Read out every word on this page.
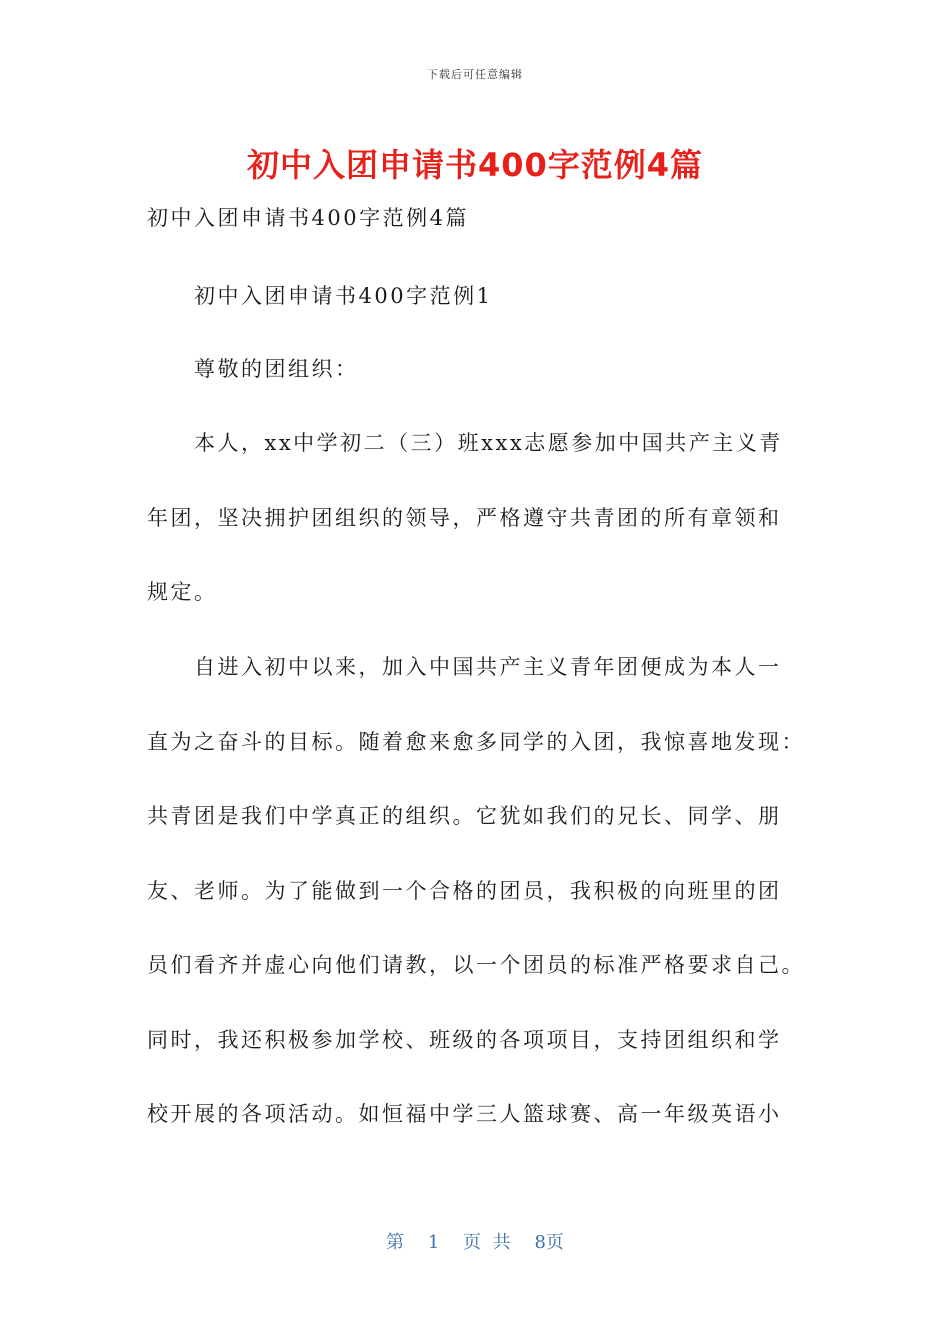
下载后可任意编辑
初中入团申请书400字范例4篇
初中入团申请书400字范例4篇
初中入团申请书400字范例1
尊敬的团组织：
本人，xx中学初二（三）班xxx志愿参加中国共产主义青
年团，坚决拥护团组织的领导，严格遵守共青团的所有章领和
规定。
自进入初中以来，加入中国共产主义青年团便成为本人一
直为之奋斗的目标。随着愈来愈多同学的入团，我惊喜地发现：
共青团是我们中学真正的组织。它犹如我们的兄长、同学、朋
友、老师。为了能做到一个合格的团员，我积极的向班里的团
员们看齐并虚心向他们请教，以一个团员的标准严格要求自己。
同时，我还积极参加学校、班级的各项项目，支持团组织和学
校开展的各项活动。如恒福中学三人篮球赛、高一年级英语小
第 1 页 共 8页
